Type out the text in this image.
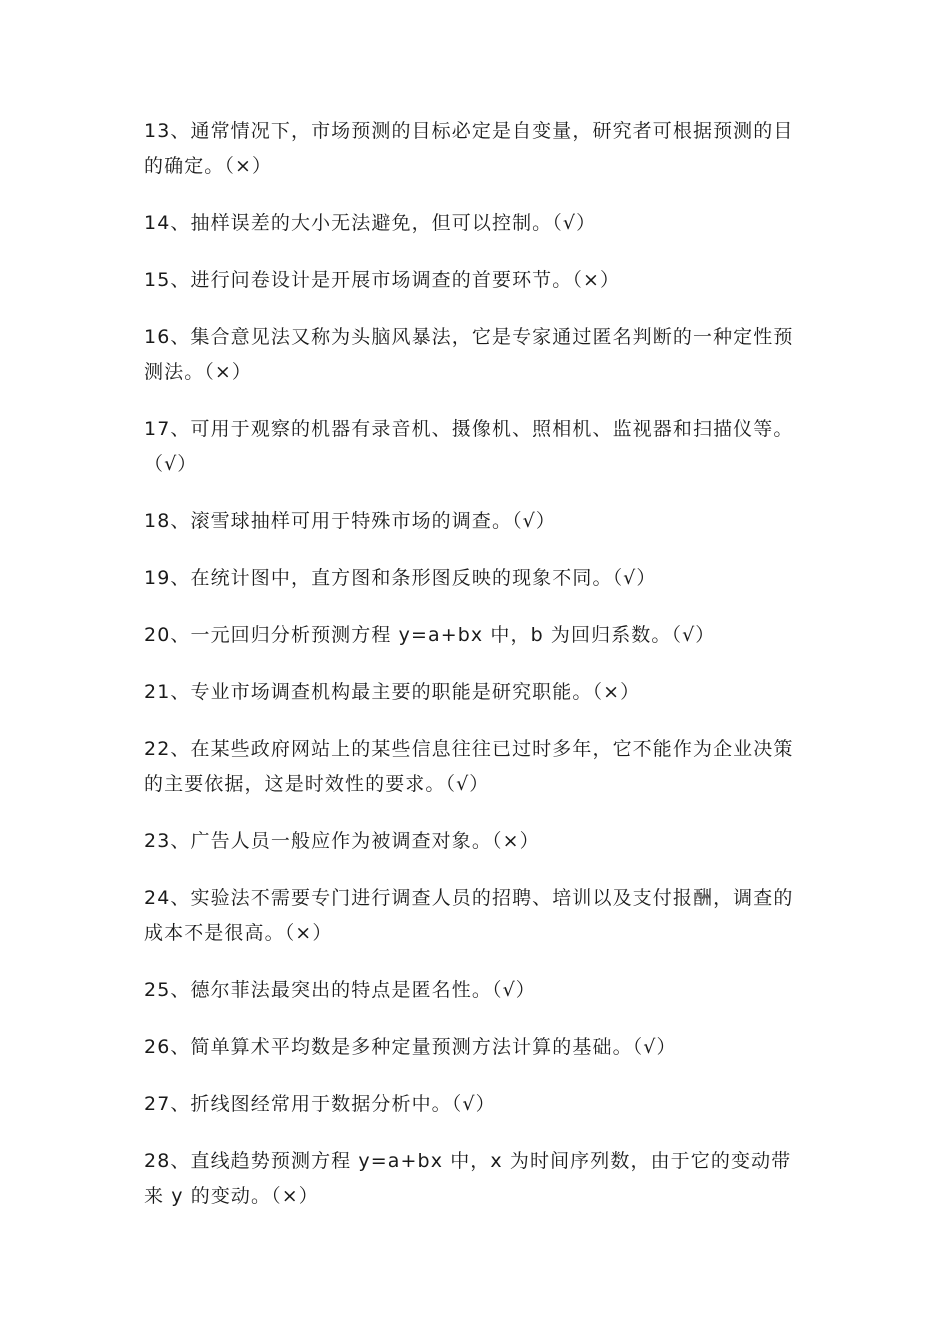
13、通常情况下，市场预测的目标必定是自变量，研究者可根据预测的目的确定。（×）

14、抽样误差的大小无法避免，但可以控制。（√）

15、进行问卷设计是开展市场调查的首要环节。（×）

16、集合意见法又称为头脑风暴法，它是专家通过匿名判断的一种定性预测法。（×）

17、可用于观察的机器有录音机、摄像机、照相机、监视器和扫描仪等。（√）

18、滚雪球抽样可用于特殊市场的调查。（√）

19、在统计图中，直方图和条形图反映的现象不同。（√）

20、一元回归分析预测方程 y=a+bx 中，b 为回归系数。（√）

21、专业市场调查机构最主要的职能是研究职能。（×）

22、在某些政府网站上的某些信息往往已过时多年，它不能作为企业决策的主要依据，这是时效性的要求。（√）

23、广告人员一般应作为被调查对象。（×）

24、实验法不需要专门进行调查人员的招聘、培训以及支付报酬，调查的成本不是很高。（×）

25、德尔菲法最突出的特点是匿名性。（√）

26、简单算术平均数是多种定量预测方法计算的基础。（√）

27、折线图经常用于数据分析中。（√）

28、直线趋势预测方程 y=a+bx 中，x 为时间序列数，由于它的变动带来 y 的变动。（×）
